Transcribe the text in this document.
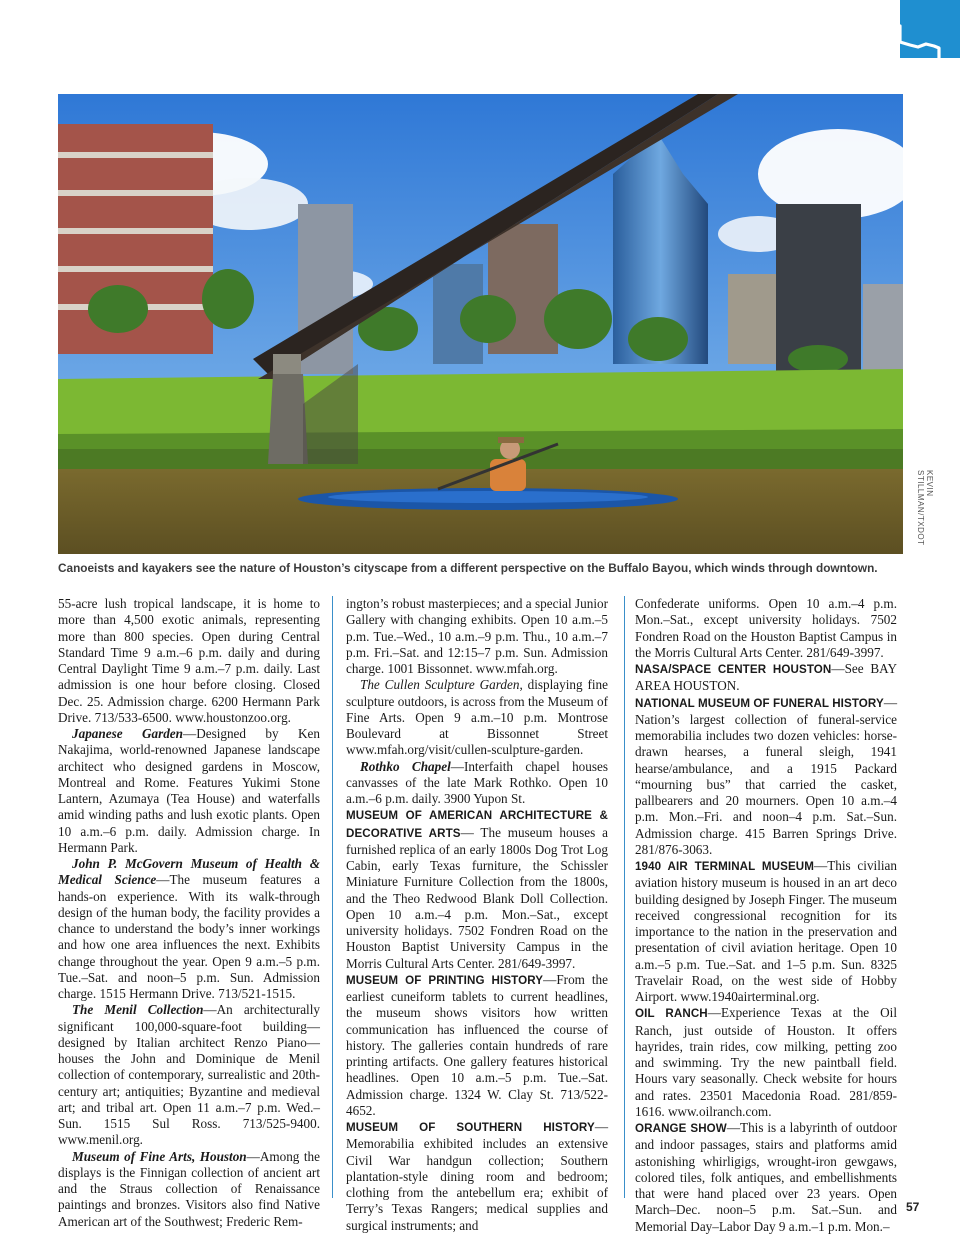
KEVIN STILLMAN/TXDOT
Canoeists and kayakers see the nature of Houston’s cityscape from a different perspective on the Buffalo Bayou, which winds through downtown.

55-acre lush tropical landscape, it is home to more than 4,500 exotic animals, representing more than 800 species. Open during Central Standard Time 9 a.m.–6 p.m. daily and during Central Daylight Time 9 a.m.–7 p.m. daily. Last admission is one hour before closing. Closed Dec. 25. Admission charge. 6200 Hermann Park Drive. 713/533-6500. www.houstonzoo.org.

Japanese Garden—Designed by Ken Nakajima, world-renowned Japanese landscape architect who designed gardens in Moscow, Montreal and Rome. Features Yukimi Stone Lantern, Azumaya (Tea House) and waterfalls amid winding paths and lush exotic plants. Open 10 a.m.–6 p.m. daily. Admission charge. In Hermann Park.

John P. McGovern Museum of Health & Medical Science—The museum features a hands-on experience. With its walk-through design of the human body, the facility provides a chance to understand the body’s inner workings and how one area influences the next. Exhibits change throughout the year. Open 9 a.m.–5 p.m. Tue.–Sat. and noon–5 p.m. Sun. Admission charge. 1515 Hermann Drive. 713/521-1515.

The Menil Collection—An architecturally significant 100,000-square-foot building—designed by Italian architect Renzo Piano—houses the John and Dominique de Menil collection of contemporary, surrealistic and 20th-century art; antiquities; Byzantine and medieval art; and tribal art. Open 11 a.m.–7 p.m. Wed.–Sun. 1515 Sul Ross. 713/525-9400. www.menil.org.

Museum of Fine Arts, Houston—Among the displays is the Finnigan collection of ancient art and the Straus collection of Renaissance paintings and bronzes. Visitors also find Native American art of the Southwest; Frederic Rem-

ington’s robust masterpieces; and a special Junior Gallery with changing exhibits. Open 10 a.m.–5 p.m. Tue.–Wed., 10 a.m.–9 p.m. Thu., 10 a.m.–7 p.m. Fri.–Sat. and 12:15–7 p.m. Sun. Admission charge. 1001 Bissonnet. www.mfah.org.

The Cullen Sculpture Garden, displaying fine sculpture outdoors, is across from the Museum of Fine Arts. Open 9 a.m.–10 p.m. Montrose Boulevard at Bissonnet Street www.mfah.org/visit/cullen-sculpture-garden.

Rothko Chapel—Interfaith chapel houses canvasses of the late Mark Rothko. Open 10 a.m.–6 p.m. daily. 3900 Yupon St.

MUSEUM OF AMERICAN ARCHITECTURE & DECORATIVE ARTS— The museum houses a furnished replica of an early 1800s Dog Trot Log Cabin, early Texas furniture, the Schissler Miniature Furniture Collection from the 1800s, and the Theo Redwood Blank Doll Collection. Open 10 a.m.–4 p.m. Mon.–Sat., except university holidays. 7502 Fondren Road on the Houston Baptist University Campus in the Morris Cultural Arts Center. 281/649-3997.

MUSEUM OF PRINTING HISTORY—From the earliest cuneiform tablets to current headlines, the museum shows visitors how written communication has influenced the course of history. The galleries contain hundreds of rare printing artifacts. One gallery features historical headlines. Open 10 a.m.–5 p.m. Tue.–Sat. Admission charge. 1324 W. Clay St. 713/522-4652.

MUSEUM OF SOUTHERN HISTORY—Memorabilia exhibited includes an extensive Civil War handgun collection; Southern plantation-style dining room and bedroom; clothing from the antebellum era; exhibit of Terry’s Texas Rangers; medical supplies and surgical instruments; and

Confederate uniforms. Open 10 a.m.–4 p.m. Mon.–Sat., except university holidays. 7502 Fondren Road on the Houston Baptist Campus in the Morris Cultural Arts Center. 281/649-3997.

NASA/SPACE CENTER HOUSTON—See BAY AREA HOUSTON.

NATIONAL MUSEUM OF FUNERAL HISTORY—Nation’s largest collection of funeral-service memorabilia includes two dozen vehicles: horse-drawn hearses, a funeral sleigh, 1941 hearse/ambulance, and a 1915 Packard “mourning bus” that carried the casket, pallbearers and 20 mourners. Open 10 a.m.–4 p.m. Mon.–Fri. and noon–4 p.m. Sat.–Sun. Admission charge. 415 Barren Springs Drive. 281/876-3063.

1940 AIR TERMINAL MUSEUM—This civilian aviation history museum is housed in an art deco building designed by Joseph Finger. The museum received congressional recognition for its importance to the nation in the preservation and presentation of civil aviation heritage. Open 10 a.m.–5 p.m. Tue.–Sat. and 1–5 p.m. Sun. 8325 Travelair Road, on the west side of Hobby Airport. www.1940airterminal.org.

OIL RANCH—Experience Texas at the Oil Ranch, just outside of Houston. It offers hayrides, train rides, cow milking, petting zoo and swimming. Try the new paintball field. Hours vary seasonally. Check website for hours and rates. 23501 Macedonia Road. 281/859-1616. www.oilranch.com.

ORANGE SHOW—This is a labyrinth of outdoor and indoor passages, stairs and platforms amid astonishing whirligigs, wrought-iron gewgaws, colored tiles, folk antiques, and embellishments that were hand placed over 23 years. Open March–Dec. noon–5 p.m. Sat.–Sun. and Memorial Day–Labor Day 9 a.m.–1 p.m. Mon.–

57
